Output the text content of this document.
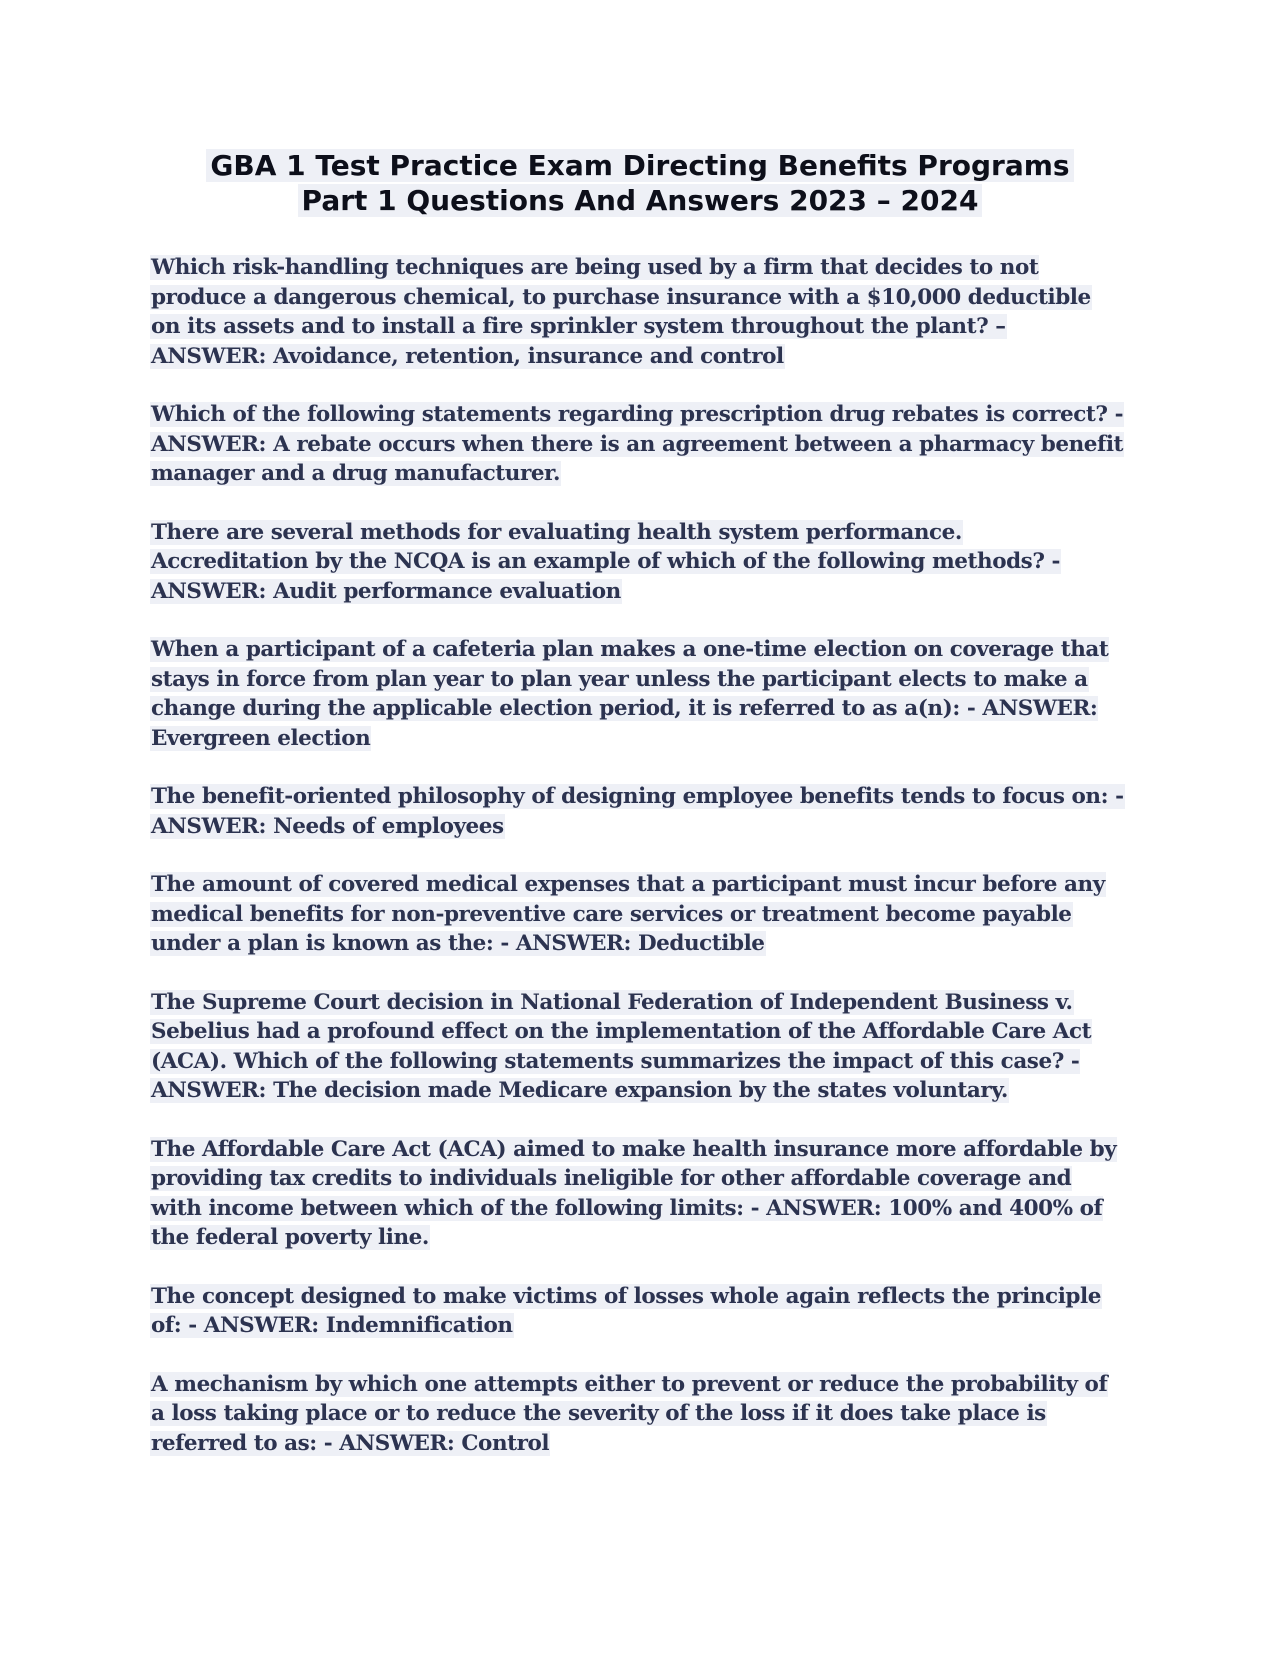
GBA 1 Test Practice Exam Directing Benefits Programs
Part 1 Questions And Answers 2023 – 2024
Which risk-handling techniques are being used by a firm that decides to not produce a dangerous chemical, to purchase insurance with a $10,000 deductible on its assets and to install a fire sprinkler system throughout the plant? – ANSWER: Avoidance, retention, insurance and control
Which of the following statements regarding prescription drug rebates is correct? - ANSWER: A rebate occurs when there is an agreement between a pharmacy benefit manager and a drug manufacturer.
There are several methods for evaluating health system performance. Accreditation by the NCQA is an example of which of the following methods? - ANSWER: Audit performance evaluation
When a participant of a cafeteria plan makes a one-time election on coverage that stays in force from plan year to plan year unless the participant elects to make a change during the applicable election period, it is referred to as a(n): - ANSWER: Evergreen election
The benefit-oriented philosophy of designing employee benefits tends to focus on: - ANSWER: Needs of employees
The amount of covered medical expenses that a participant must incur before any medical benefits for non-preventive care services or treatment become payable under a plan is known as the: - ANSWER: Deductible
The Supreme Court decision in National Federation of Independent Business v. Sebelius had a profound effect on the implementation of the Affordable Care Act (ACA). Which of the following statements summarizes the impact of this case? - ANSWER: The decision made Medicare expansion by the states voluntary.
The Affordable Care Act (ACA) aimed to make health insurance more affordable by providing tax credits to individuals ineligible for other affordable coverage and with income between which of the following limits: - ANSWER: 100% and 400% of the federal poverty line.
The concept designed to make victims of losses whole again reflects the principle of: - ANSWER: Indemnification
A mechanism by which one attempts either to prevent or reduce the probability of a loss taking place or to reduce the severity of the loss if it does take place is referred to as: - ANSWER: Control
